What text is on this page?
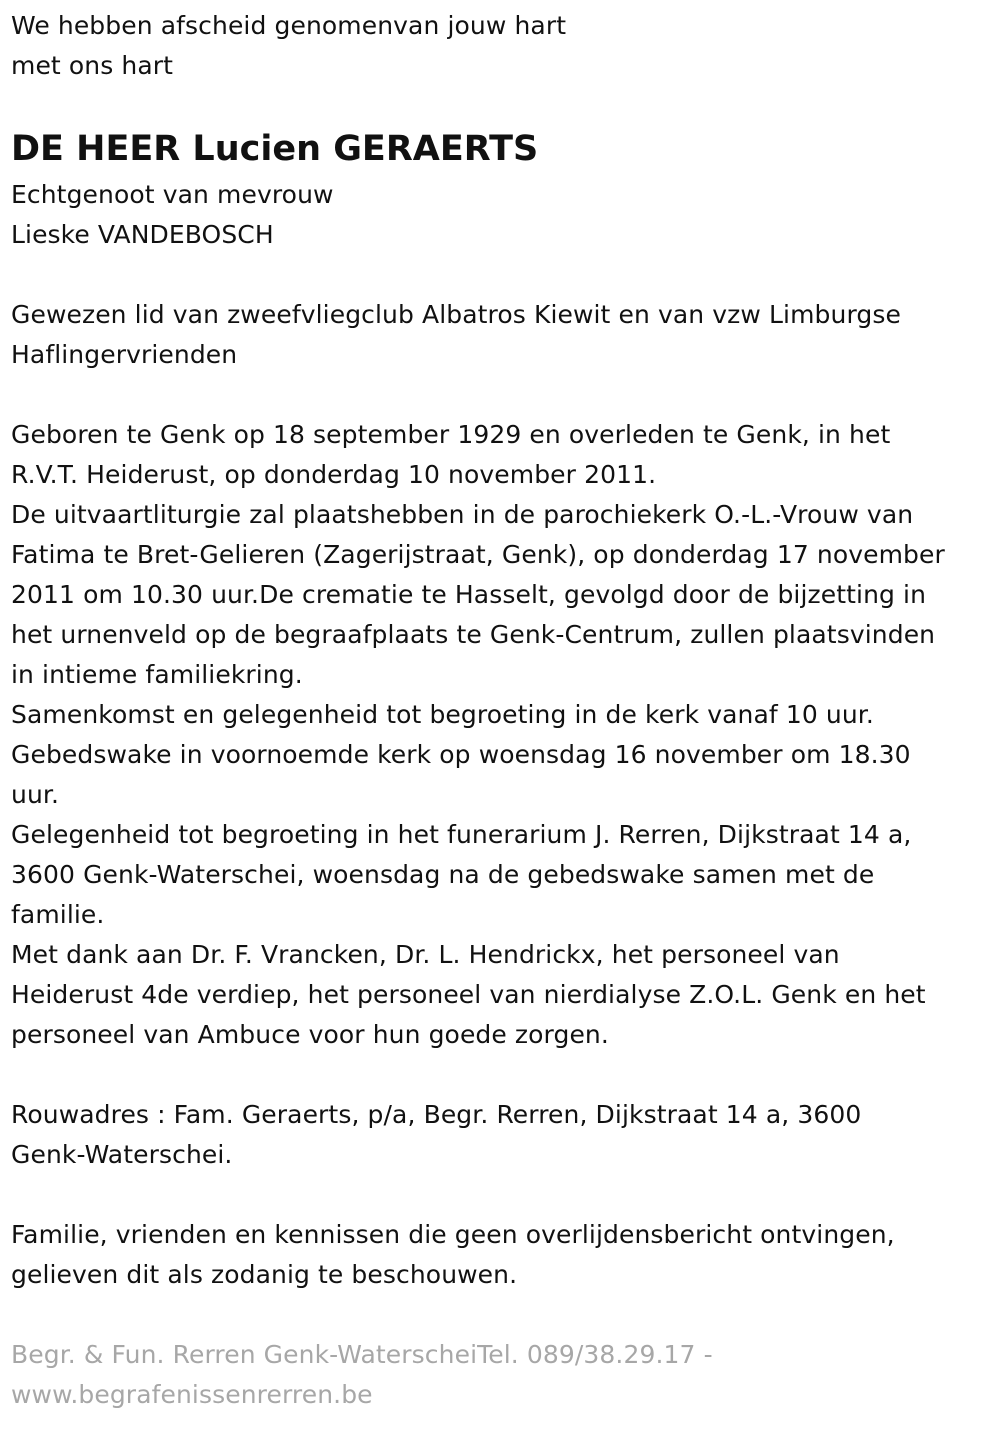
We hebben afscheid genomenvan jouw hart
met ons hart
DE HEER Lucien GERAERTS
Echtgenoot van mevrouw
Lieske VANDEBOSCH
Gewezen lid van zweefvliegclub Albatros Kiewit en van vzw Limburgse
Haflingervrienden
Geboren te Genk op 18 september 1929 en overleden te Genk, in het
R.V.T. Heiderust, op donderdag 10 november 2011.
De uitvaartliturgie zal plaatshebben in de parochiekerk O.-L.-Vrouw van
Fatima te Bret-Gelieren (Zagerijstraat, Genk), op donderdag 17 november
2011 om 10.30 uur.De crematie te Hasselt, gevolgd door de bijzetting in
het urnenveld op de begraafplaats te Genk-Centrum, zullen plaatsvinden
in intieme familiekring.
Samenkomst en gelegenheid tot begroeting in de kerk vanaf 10 uur.
Gebedswake in voornoemde kerk op woensdag 16 november om 18.30
uur.
Gelegenheid tot begroeting in het funerarium J. Rerren, Dijkstraat 14 a,
3600 Genk-Waterschei, woensdag na de gebedswake samen met de
familie.
Met dank aan Dr. F. Vrancken, Dr. L. Hendrickx, het personeel van
Heiderust 4de verdiep, het personeel van nierdialyse Z.O.L. Genk en het
personeel van Ambuce voor hun goede zorgen.
Rouwadres : Fam. Geraerts, p/a, Begr. Rerren, Dijkstraat 14 a, 3600
Genk-Waterschei.
Familie, vrienden en kennissen die geen overlijdensbericht ontvingen,
gelieven dit als zodanig te beschouwen.
Begr. & Fun. Rerren Genk-WaterscheiTel. 089/38.29.17 -
www.begrafenissenrerren.be
